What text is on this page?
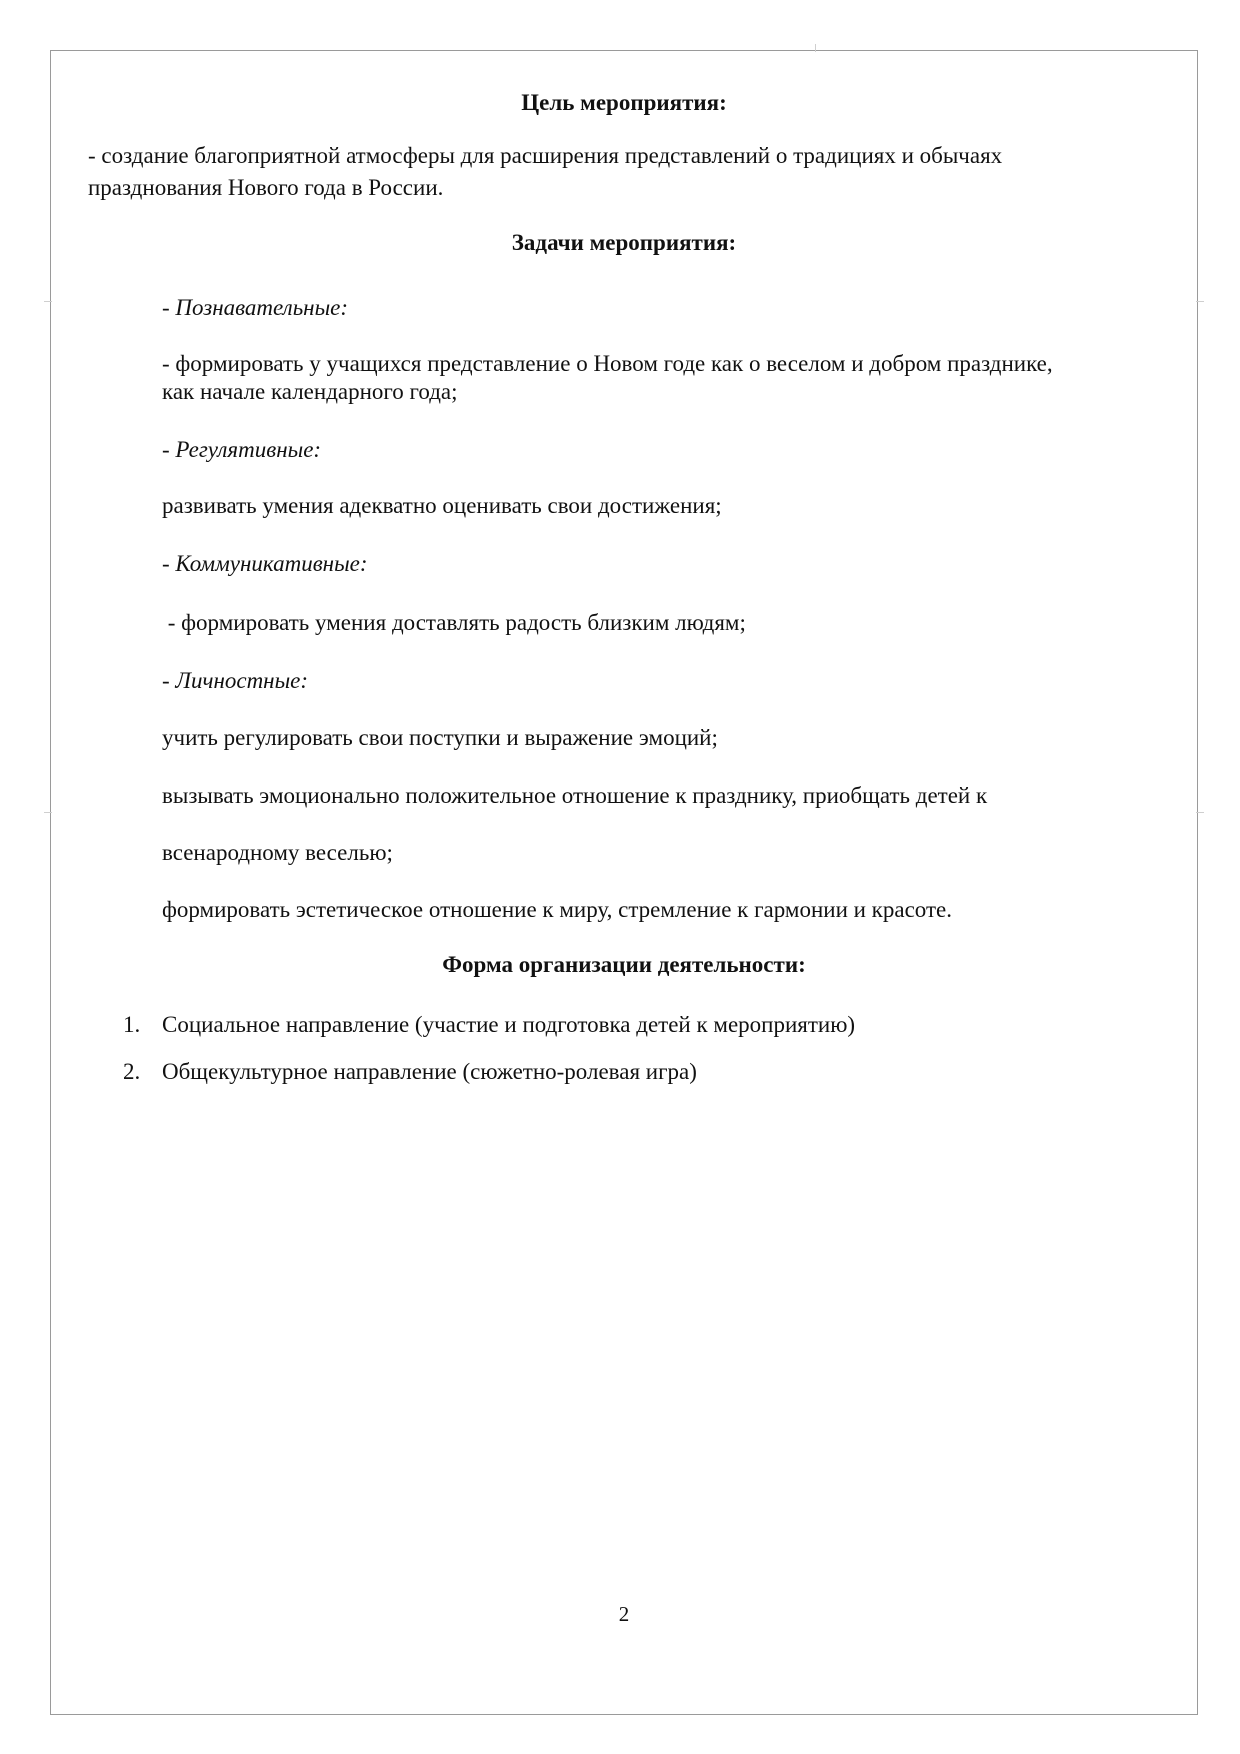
Цель мероприятия:
- создание благоприятной атмосферы для расширения представлений о традициях и обычаях
празднования Нового года в России.
Задачи мероприятия:
- Познавательные:
- формировать у учащихся представление о Новом годе как о веселом и добром празднике,
как начале календарного года;
- Регулятивные:
развивать умения адекватно оценивать свои достижения;
- Коммуникативные:
- формировать умения доставлять радость близким людям;
- Личностные:
учить регулировать свои поступки и выражение эмоций;
вызывать эмоционально положительное отношение к празднику, приобщать детей к
всенародному веселью;
формировать эстетическое отношение к миру, стремление к гармонии и красоте.
Форма организации деятельности:
1. Социальное направление (участие и подготовка детей к мероприятию)
2. Общекультурное направление (сюжетно-ролевая игра)
2
